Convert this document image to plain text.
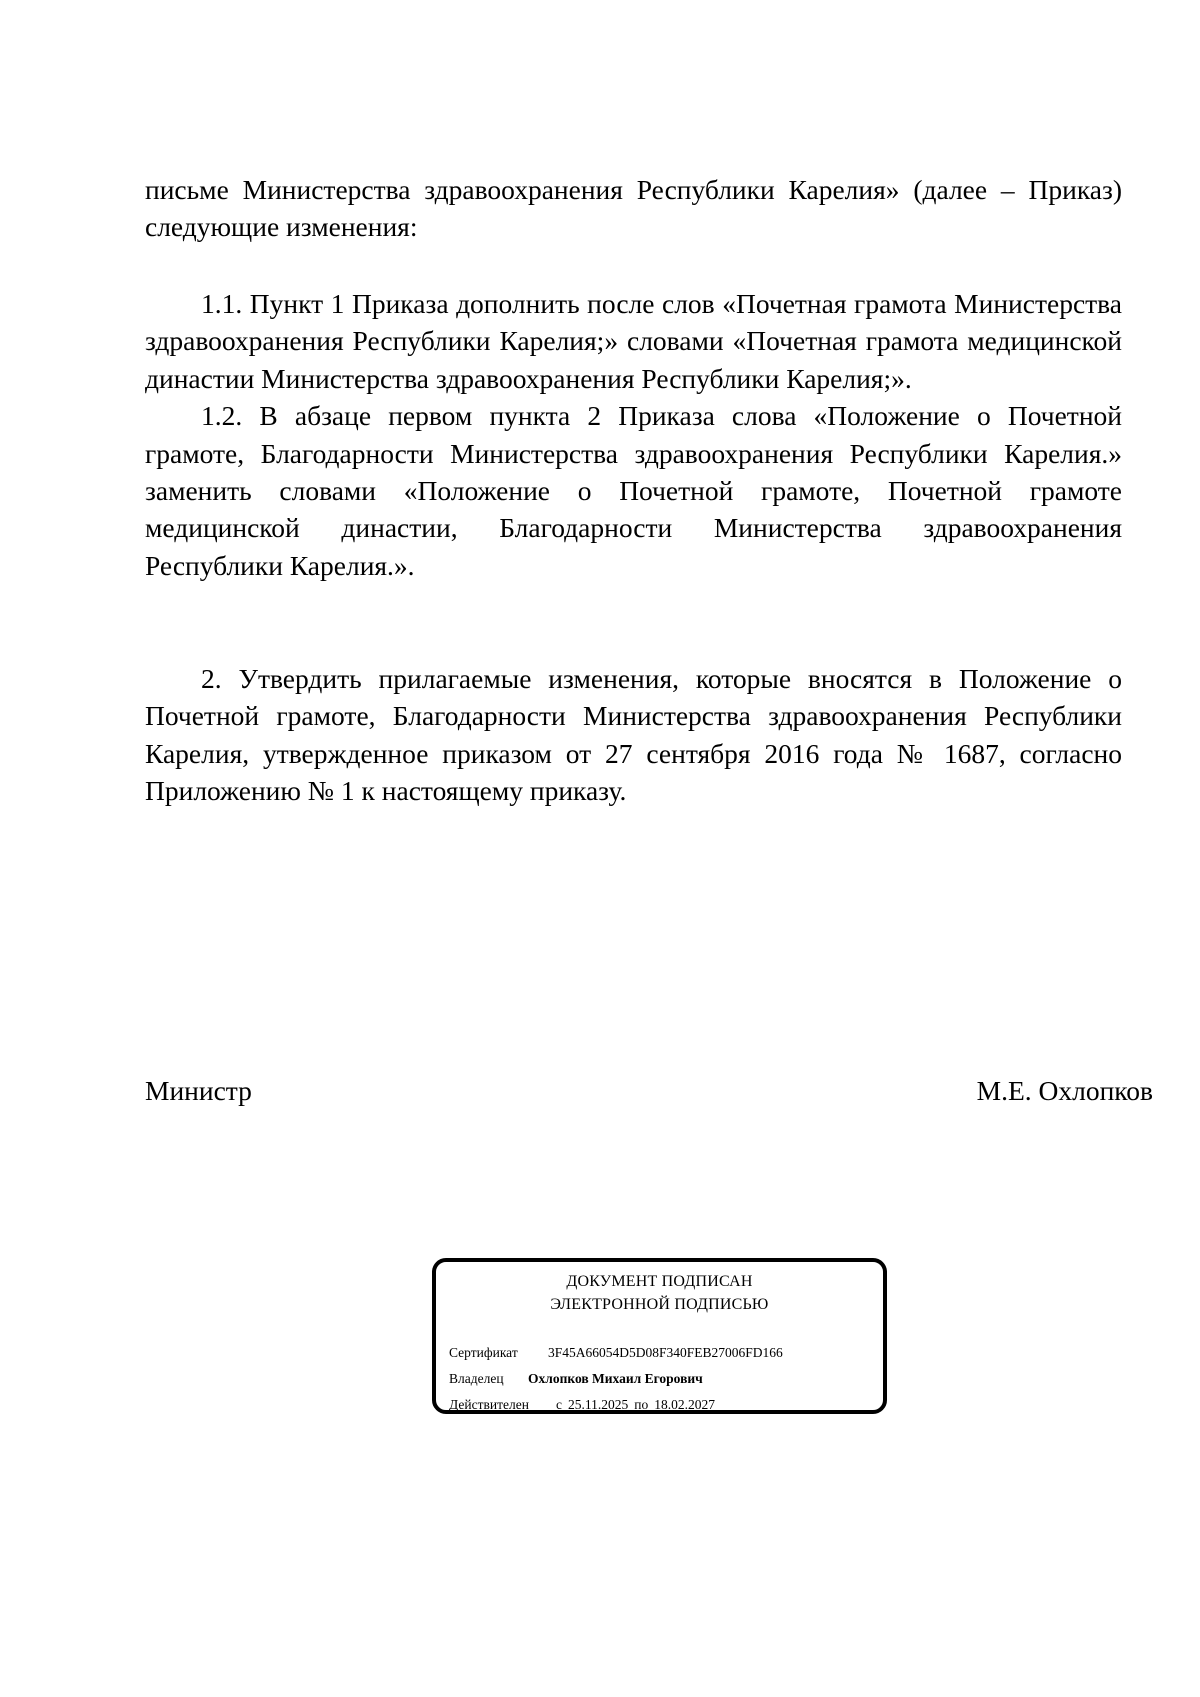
письме Министерства здравоохранения Республики Карелия» (далее – Приказ) следующие изменения:

1.1. Пункт 1 Приказа дополнить после слов «Почетная грамота Министерства здравоохранения Республики Карелия;» словами «Почетная грамота медицинской династии Министерства здравоохранения Республики Карелия;».

1.2. В абзаце первом пункта 2 Приказа слова «Положение о Почетной грамоте, Благодарности Министерства здравоохранения Республики Карелия.» заменить словами «Положение о Почетной грамоте, Почетной грамоте медицинской династии, Благодарности Министерства здравоохранения Республики Карелия.».

2. Утвердить прилагаемые изменения, которые вносятся в Положение о Почетной грамоте, Благодарности Министерства здравоохранения Республики Карелия, утвержденное приказом от 27 сентября 2016 года № 1687, согласно Приложению № 1 к настоящему приказу.

Министр	М.Е. Охлопков
ДОКУМЕНТ ПОДПИСАН
ЭЛЕКТРОННОЙ ПОДПИСЬЮ
Сертификат	3F45A66054D5D08F340FEB27006FD166
Владелец	Охлопков Михаил Егорович
Действителен	с 25.11.2025 по 18.02.2027
